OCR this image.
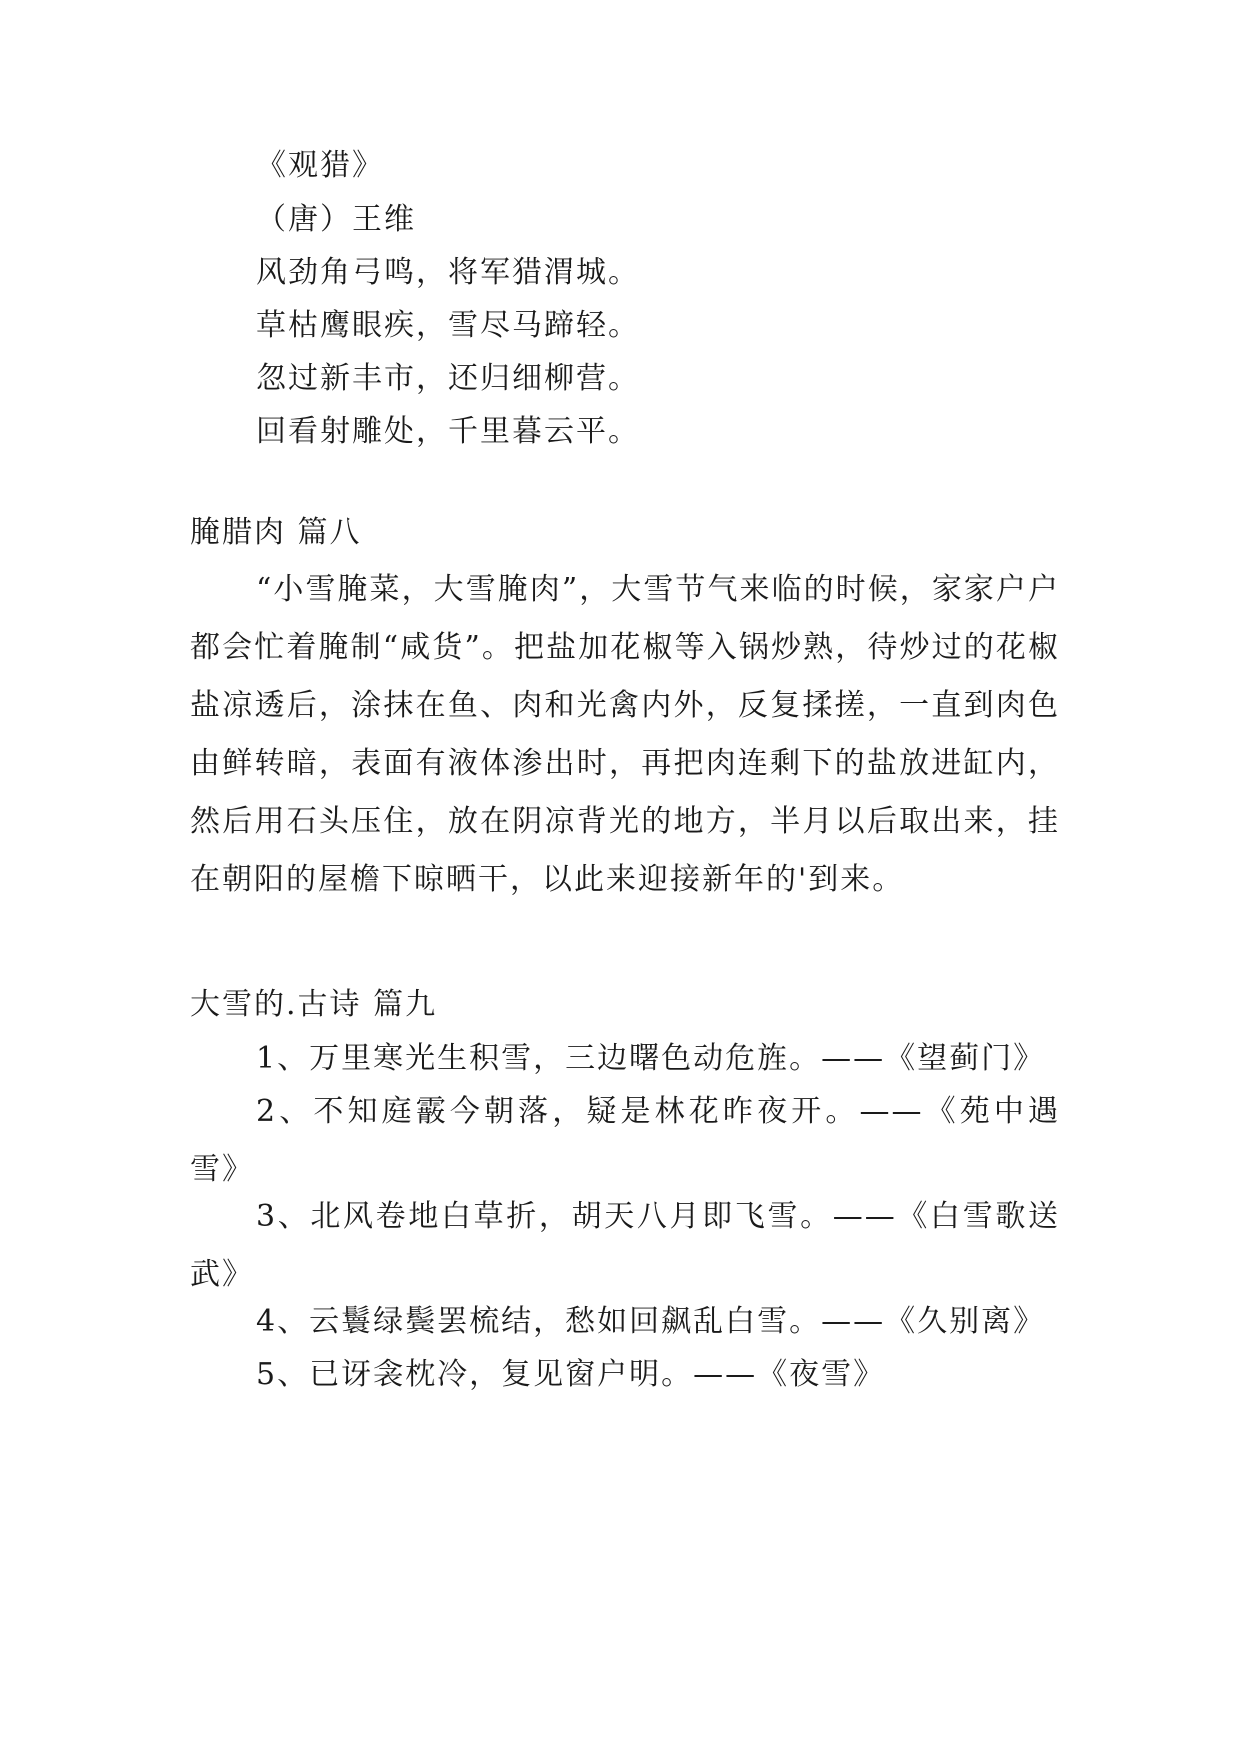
《观猎》
（唐）王维
风劲角弓鸣，将军猎渭城。
草枯鹰眼疾，雪尽马蹄轻。
忽过新丰市，还归细柳营。
回看射雕处，千里暮云平。
腌腊肉 篇八
“小雪腌菜，大雪腌肉”，大雪节气来临的时候，家家户户都会忙着腌制“咸货”。把盐加花椒等入锅炒熟，待炒过的花椒盐凉透后，涂抹在鱼、肉和光禽内外，反复揉搓，一直到肉色由鲜转暗，表面有液体渗出时，再把肉连剩下的盐放进缸内，然后用石头压住，放在阴凉背光的地方，半月以后取出来，挂在朝阳的屋檐下晾晒干，以此来迎接新年的'到来。
大雪的.古诗 篇九
1、万里寒光生积雪，三边曙色动危旌。——《望蓟门》
2、不知庭霰今朝落，疑是林花昨夜开。——《苑中遇雪》
3、北风卷地白草折，胡天八月即飞雪。——《白雪歌送武》
4、云鬟绿鬓罢梳结，愁如回飙乱白雪。——《久别离》
5、已讶衾枕冷，复见窗户明。——《夜雪》
